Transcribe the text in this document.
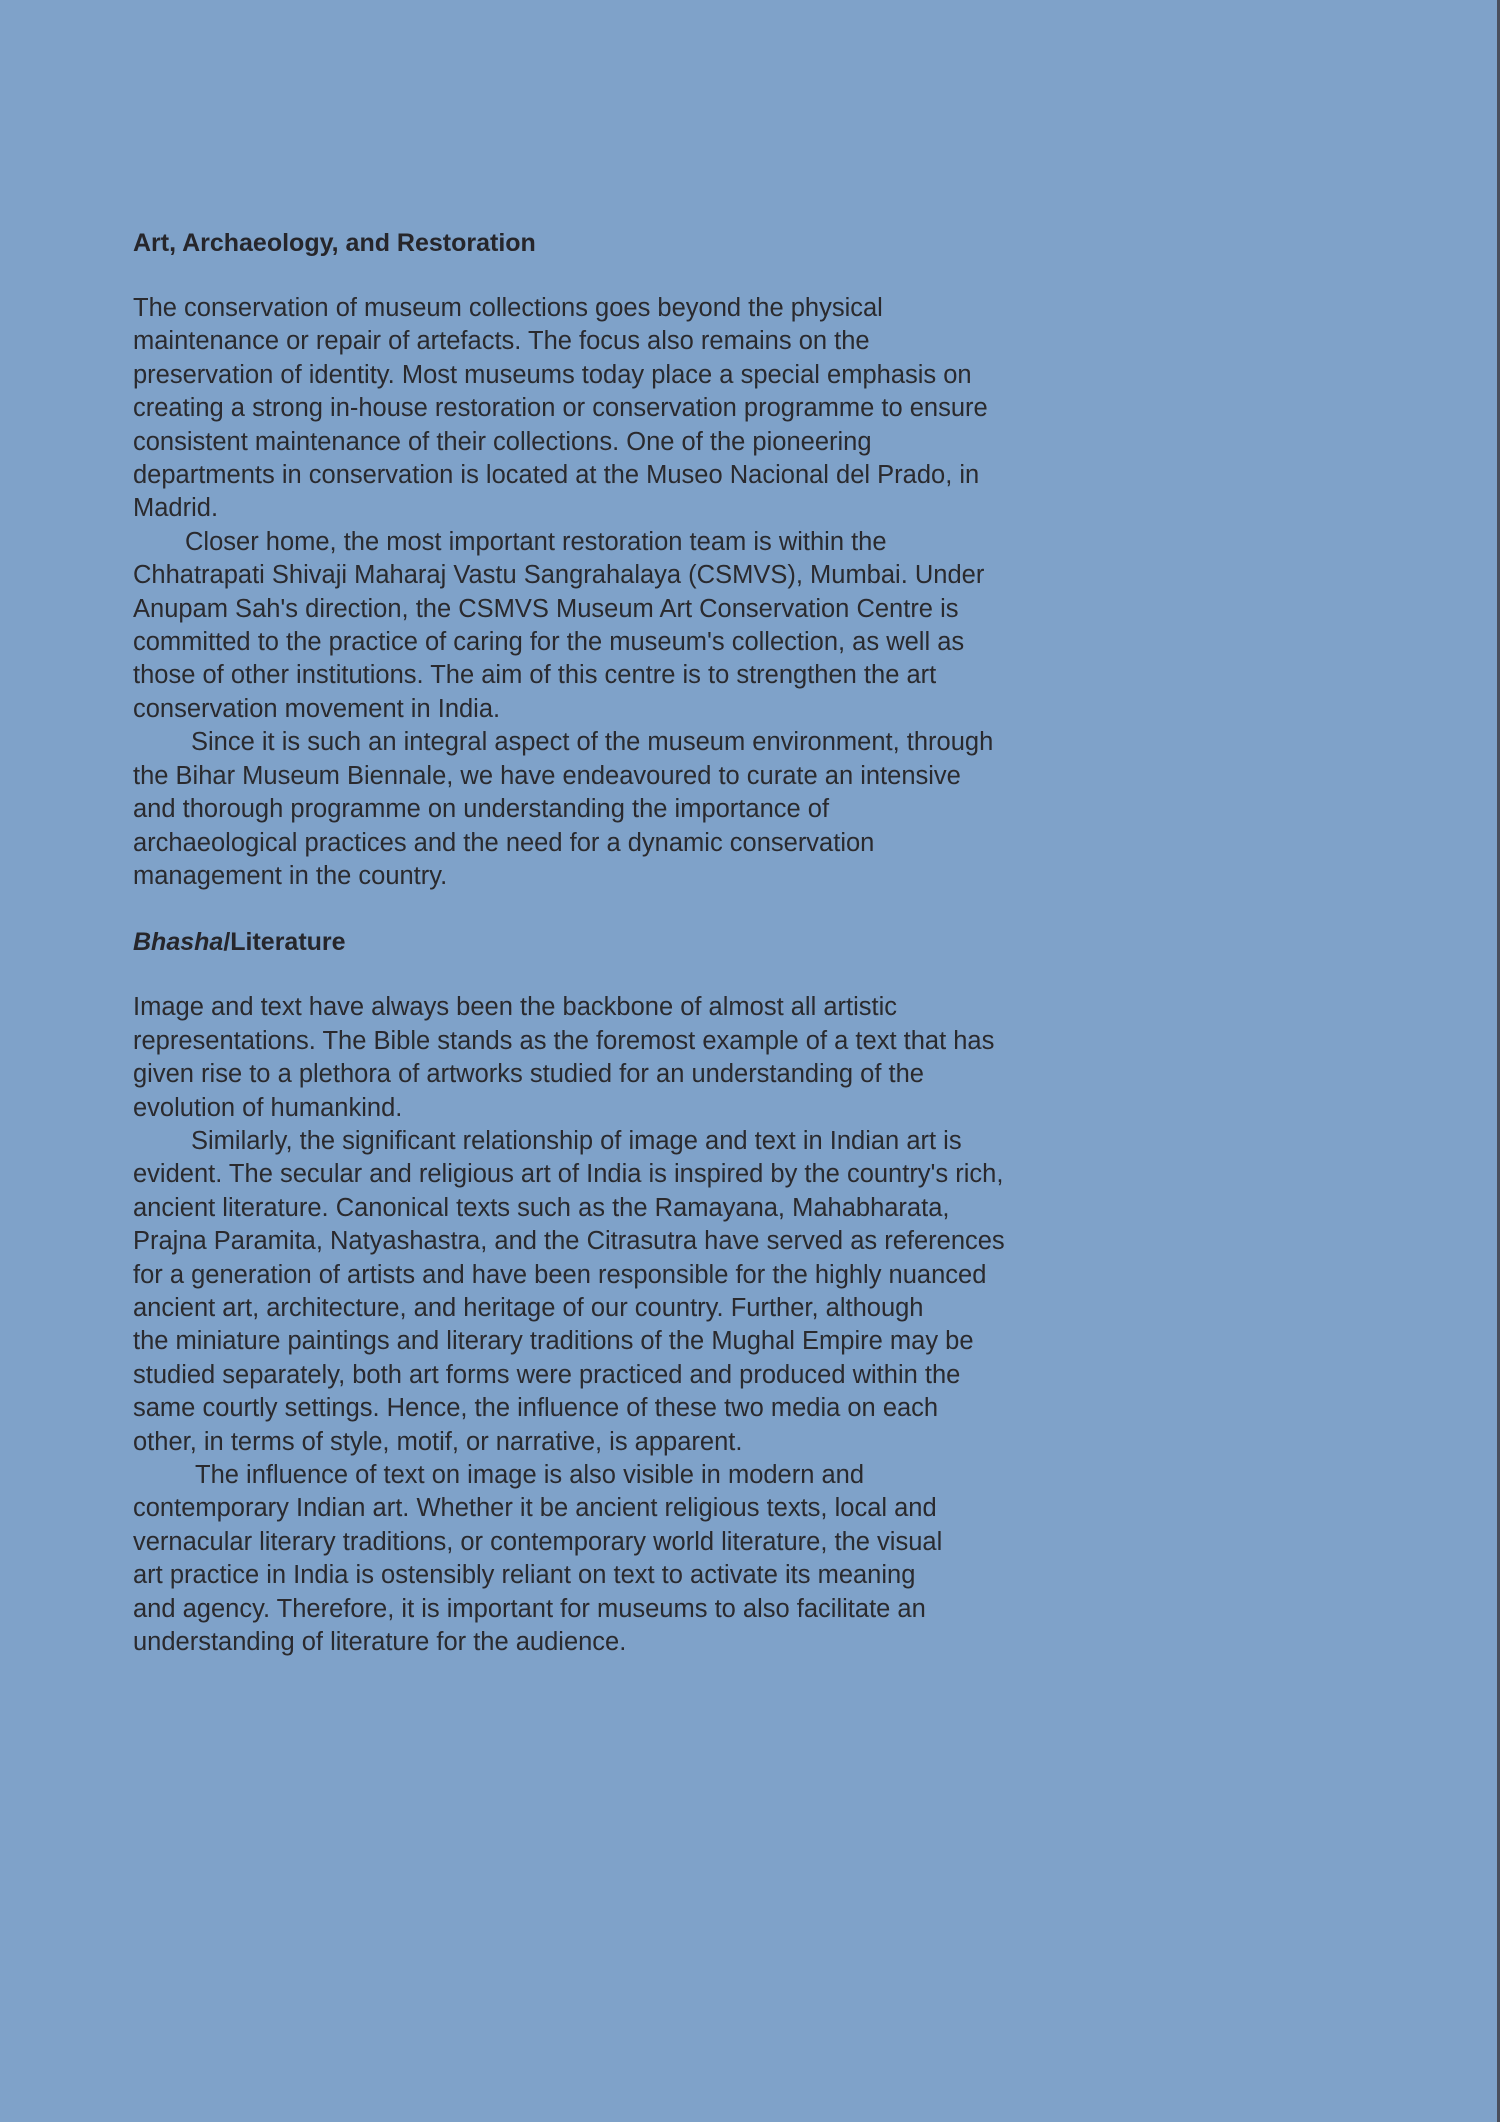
Art, Archaeology, and Restoration
The conservation of museum collections goes beyond the physical
maintenance or repair of artefacts. The focus also remains on the
preservation of identity. Most museums today place a special emphasis on
creating a strong in-house restoration or conservation programme to ensure
consistent maintenance of their collections. One of the pioneering
departments in conservation is located at the Museo Nacional del Prado, in
Madrid.
Closer home, the most important restoration team is within the
Chhatrapati Shivaji Maharaj Vastu Sangrahalaya (CSMVS), Mumbai. Under
Anupam Sah's direction, the CSMVS Museum Art Conservation Centre is
committed to the practice of caring for the museum's collection, as well as
those of other institutions. The aim of this centre is to strengthen the art
conservation movement in India.
Since it is such an integral aspect of the museum environment, through
the Bihar Museum Biennale, we have endeavoured to curate an intensive
and thorough programme on understanding the importance of
archaeological practices and the need for a dynamic conservation
management in the country.
Bhasha/Literature
Image and text have always been the backbone of almost all artistic
representations. The Bible stands as the foremost example of a text that has
given rise to a plethora of artworks studied for an understanding of the
evolution of humankind.
Similarly, the significant relationship of image and text in Indian art is
evident. The secular and religious art of India is inspired by the country's rich,
ancient literature. Canonical texts such as the Ramayana, Mahabharata,
Prajna Paramita, Natyashastra, and the Citrasutra have served as references
for a generation of artists and have been responsible for the highly nuanced
ancient art, architecture, and heritage of our country. Further, although
the miniature paintings and literary traditions of the Mughal Empire may be
studied separately, both art forms were practiced and produced within the
same courtly settings. Hence, the influence of these two media on each
other, in terms of style, motif, or narrative, is apparent.
The influence of text on image is also visible in modern and
contemporary Indian art. Whether it be ancient religious texts, local and
vernacular literary traditions, or contemporary world literature, the visual
art practice in India is ostensibly reliant on text to activate its meaning
and agency. Therefore, it is important for museums to also facilitate an
understanding of literature for the audience.
